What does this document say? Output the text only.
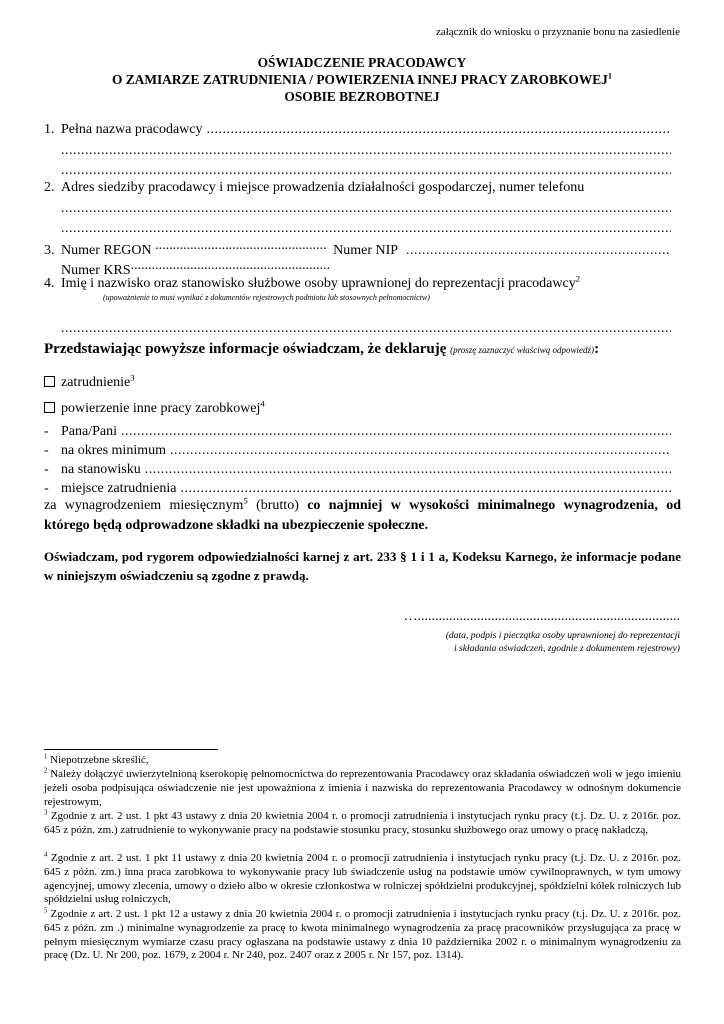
załącznik do wniosku o przyznanie bonu na zasiedlenie
OŚWIADCZENIE PRACODAWCY
O ZAMIARZE ZATRUDNIENIA / POWIERZENIA INNEJ PRACY ZAROBKOWEJ$^1$
OSOBIE BEZROBOTNEJ
1. Pełna nazwa pracodawcy
.....
.....
.....
2. Adres siedziby pracodawcy i miejsce prowadzenia działalności gospodarczej, numer telefonu
.....
.....
3. Numer REGON .....	Numer NIP
.....
Numer KRS.....
4. Imię i nazwisko oraz stanowisko służbowe osoby uprawnionej do reprezentacji pracodawcy$^2$
(upoważnienie to musi wynikać z dokumentów rejestrowych podmiotu lub stosownych pełnomocnictw)
.....
Przedstawiając powyższe informacje oświadczam, że deklaruję (proszę zaznaczyć właściwą odpowiedź):
zatrudnienie$^3$
powierzenie inne pracy zarobkowej$^4$
- Pana/Pani
.....
- na okres minimum
.....
- na stanowisku
.....
- miejsce zatrudnienia
.....
za wynagrodzeniem miesięcznym$^5$ (brutto) co najmniej w wysokości minimalnego wynagrodzenia, od którego będą odprowadzone składki na ubezpieczenie społeczne.
Oświadczam, pod rygorem odpowiedzialności karnej z art. 233 § 1 i 1 a, Kodeksu Karnego, że informacje podane w niniejszym oświadczeniu są zgodne z prawdą.
…...........................................................................
(data, podpis i pieczątka osoby uprawnionej do reprezentacji
i składania oświadczeń, zgodnie z dokumentem rejestrowy)
$^1$ Niepotrzebne skreślić,
$^2$ Należy dołączyć uwierzytelnioną kserokopię pełnomocnictwa do reprezentowania Pracodawcy oraz składania oświadczeń woli w jego imieniu jeżeli osoba podpisująca oświadczenie nie jest upoważniona z imienia i nazwiska do reprezentowania Pracodawcy w odnośnym dokumencie rejestrowym,
$^3$ Zgodnie z art. 2 ust. 1 pkt 43 ustawy z dnia 20 kwietnia 2004 r. o promocji zatrudnienia i instytucjach rynku pracy (t.j. Dz. U. z 2016r. poz. 645 z późn. zm.) zatrudnienie to wykonywanie pracy na podstawie stosunku pracy, stosunku służbowego oraz umowy o pracę nakładczą,
$^4$ Zgodnie z art. 2 ust. 1 pkt 11 ustawy z dnia 20 kwietnia 2004 r. o promocji zatrudnienia i instytucjach rynku pracy (t.j. Dz. U. z 2016r. poz. 645 z późn. zm.) inna praca zarobkowa to wykonywanie pracy lub świadczenie usług na podstawie umów cywilnoprawnych, w tym umowy agencyjnej, umowy zlecenia, umowy o dzieło albo w okresie członkostwa w rolniczej spółdzielni produkcyjnej, spółdzielni kółek rolniczych lub spółdzielni usług rolniczych,
$^5$ Zgodnie z art. 2 ust. 1 pkt 12 a ustawy z dnia 20 kwietnia 2004 r. o promocji zatrudnienia i instytucjach rynku pracy (t.j. Dz. U. z 2016r. poz. 645 z późn. zm .) minimalne wynagrodzenie za pracę to kwota minimalnego wynagrodzenia za pracę pracowników przysługująca za pracę w pełnym miesięcznym wymiarze czasu pracy ogłaszana na podstawie ustawy z dnia 10 października 2002 r. o minimalnym wynagrodzeniu za pracę (Dz. U. Nr 200, poz. 1679, z 2004 r. Nr 240, poz. 2407 oraz z 2005 r. Nr 157, poz. 1314).
